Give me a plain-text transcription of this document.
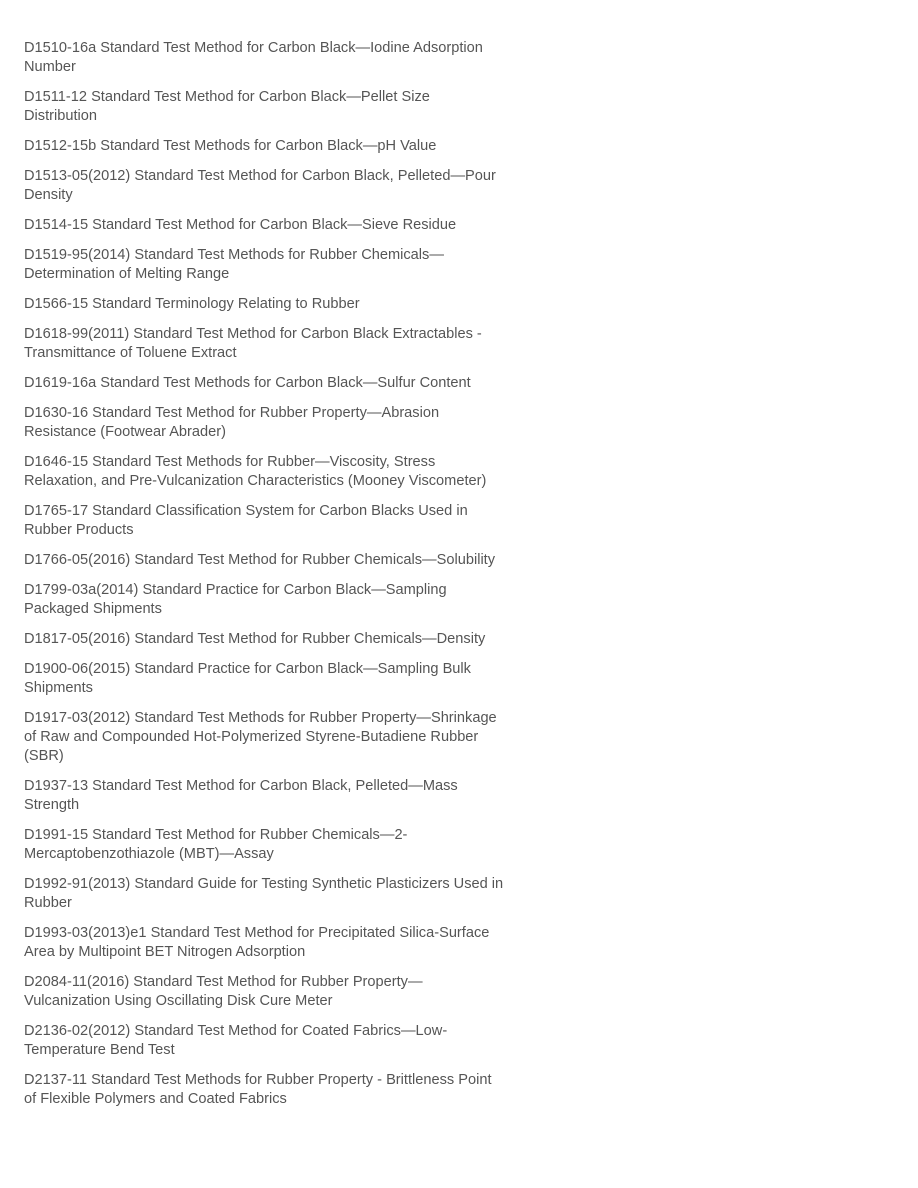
D1510-16a Standard Test Method for Carbon Black—Iodine Adsorption Number

D1511-12 Standard Test Method for Carbon Black—Pellet Size Distribution

D1512-15b Standard Test Methods for Carbon Black—pH Value

D1513-05(2012) Standard Test Method for Carbon Black, Pelleted—Pour Density

D1514-15 Standard Test Method for Carbon Black—Sieve Residue

D1519-95(2014) Standard Test Methods for Rubber Chemicals— Determination of Melting Range

D1566-15 Standard Terminology Relating to Rubber

D1618-99(2011) Standard Test Method for Carbon Black Extractables - Transmittance of Toluene Extract

D1619-16a Standard Test Methods for Carbon Black—Sulfur Content

D1630-16 Standard Test Method for Rubber Property—Abrasion Resistance (Footwear Abrader)

D1646-15 Standard Test Methods for Rubber—Viscosity, Stress Relaxation, and Pre-Vulcanization Characteristics (Mooney Viscometer)

D1765-17 Standard Classification System for Carbon Blacks Used in Rubber Products

D1766-05(2016) Standard Test Method for Rubber Chemicals—Solubility

D1799-03a(2014) Standard Practice for Carbon Black—Sampling Packaged Shipments

D1817-05(2016) Standard Test Method for Rubber Chemicals—Density

D1900-06(2015) Standard Practice for Carbon Black—Sampling Bulk Shipments

D1917-03(2012) Standard Test Methods for Rubber Property—Shrinkage of Raw and Compounded Hot-Polymerized Styrene-Butadiene Rubber (SBR)

D1937-13 Standard Test Method for Carbon Black, Pelleted—Mass Strength

D1991-15 Standard Test Method for Rubber Chemicals—2-Mercaptobenzothiazole (MBT)—Assay

D1992-91(2013) Standard Guide for Testing Synthetic Plasticizers Used in Rubber

D1993-03(2013)e1 Standard Test Method for Precipitated Silica-Surface Area by Multipoint BET Nitrogen Adsorption

D2084-11(2016) Standard Test Method for Rubber Property— Vulcanization Using Oscillating Disk Cure Meter

D2136-02(2012) Standard Test Method for Coated Fabrics—Low-Temperature Bend Test

D2137-11 Standard Test Methods for Rubber Property - Brittleness Point of Flexible Polymers and Coated Fabrics
